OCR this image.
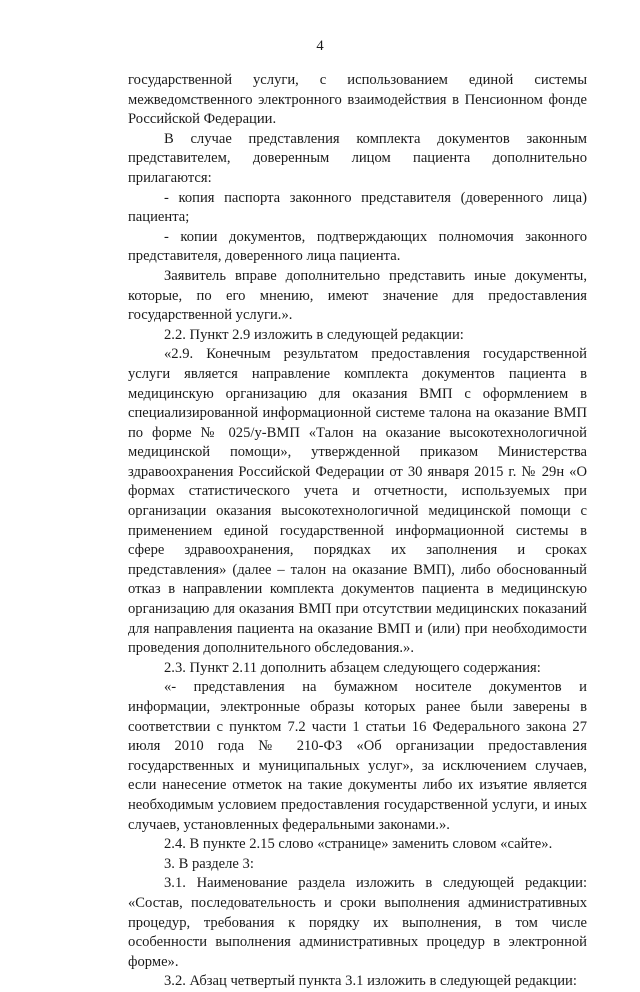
4

государственной услуги, с использованием единой системы межведомственного электронного взаимодействия в Пенсионном фонде Российской Федерации.

В случае представления комплекта документов законным представителем, доверенным лицом пациента дополнительно прилагаются:

- копия паспорта законного представителя (доверенного лица) пациента;

- копии документов, подтверждающих полномочия законного представителя, доверенного лица пациента.

Заявитель вправе дополнительно представить иные документы, которые, по его мнению, имеют значение для предоставления государственной услуги.».

2.2. Пункт 2.9 изложить в следующей редакции:

«2.9. Конечным результатом предоставления государственной услуги является направление комплекта документов пациента в медицинскую организацию для оказания ВМП с оформлением в специализированной информационной системе талона на оказание ВМП по форме № 025/у-ВМП «Талон на оказание высокотехнологичной медицинской помощи», утвержденной приказом Министерства здравоохранения Российской Федерации от 30 января 2015 г. № 29н «О формах статистического учета и отчетности, используемых при организации оказания высокотехнологичной медицинской помощи с применением единой государственной информационной системы в сфере здравоохранения, порядках их заполнения и сроках представления» (далее – талон на оказание ВМП), либо обоснованный отказ в направлении комплекта документов пациента в медицинскую организацию для оказания ВМП при отсутствии медицинских показаний для направления пациента на оказание ВМП и (или) при необходимости проведения дополнительного обследования.».

2.3. Пункт 2.11 дополнить абзацем следующего содержания:

«- представления на бумажном носителе документов и информации, электронные образы которых ранее были заверены в соответствии с пунктом 7.2 части 1 статьи 16 Федерального закона 27 июля 2010 года № 210-ФЗ «Об организации предоставления государственных и муниципальных услуг», за исключением случаев, если нанесение отметок на такие документы либо их изъятие является необходимым условием предоставления государственной услуги, и иных случаев, установленных федеральными законами.».

2.4. В пункте 2.15 слово «странице» заменить словом «сайте».

3. В разделе 3:

3.1. Наименование раздела изложить в следующей редакции: «Состав, последовательность и сроки выполнения административных процедур, требования к порядку их выполнения, в том числе особенности выполнения административных процедур в электронной форме».

3.2. Абзац четвертый пункта 3.1 изложить в следующей редакции:
